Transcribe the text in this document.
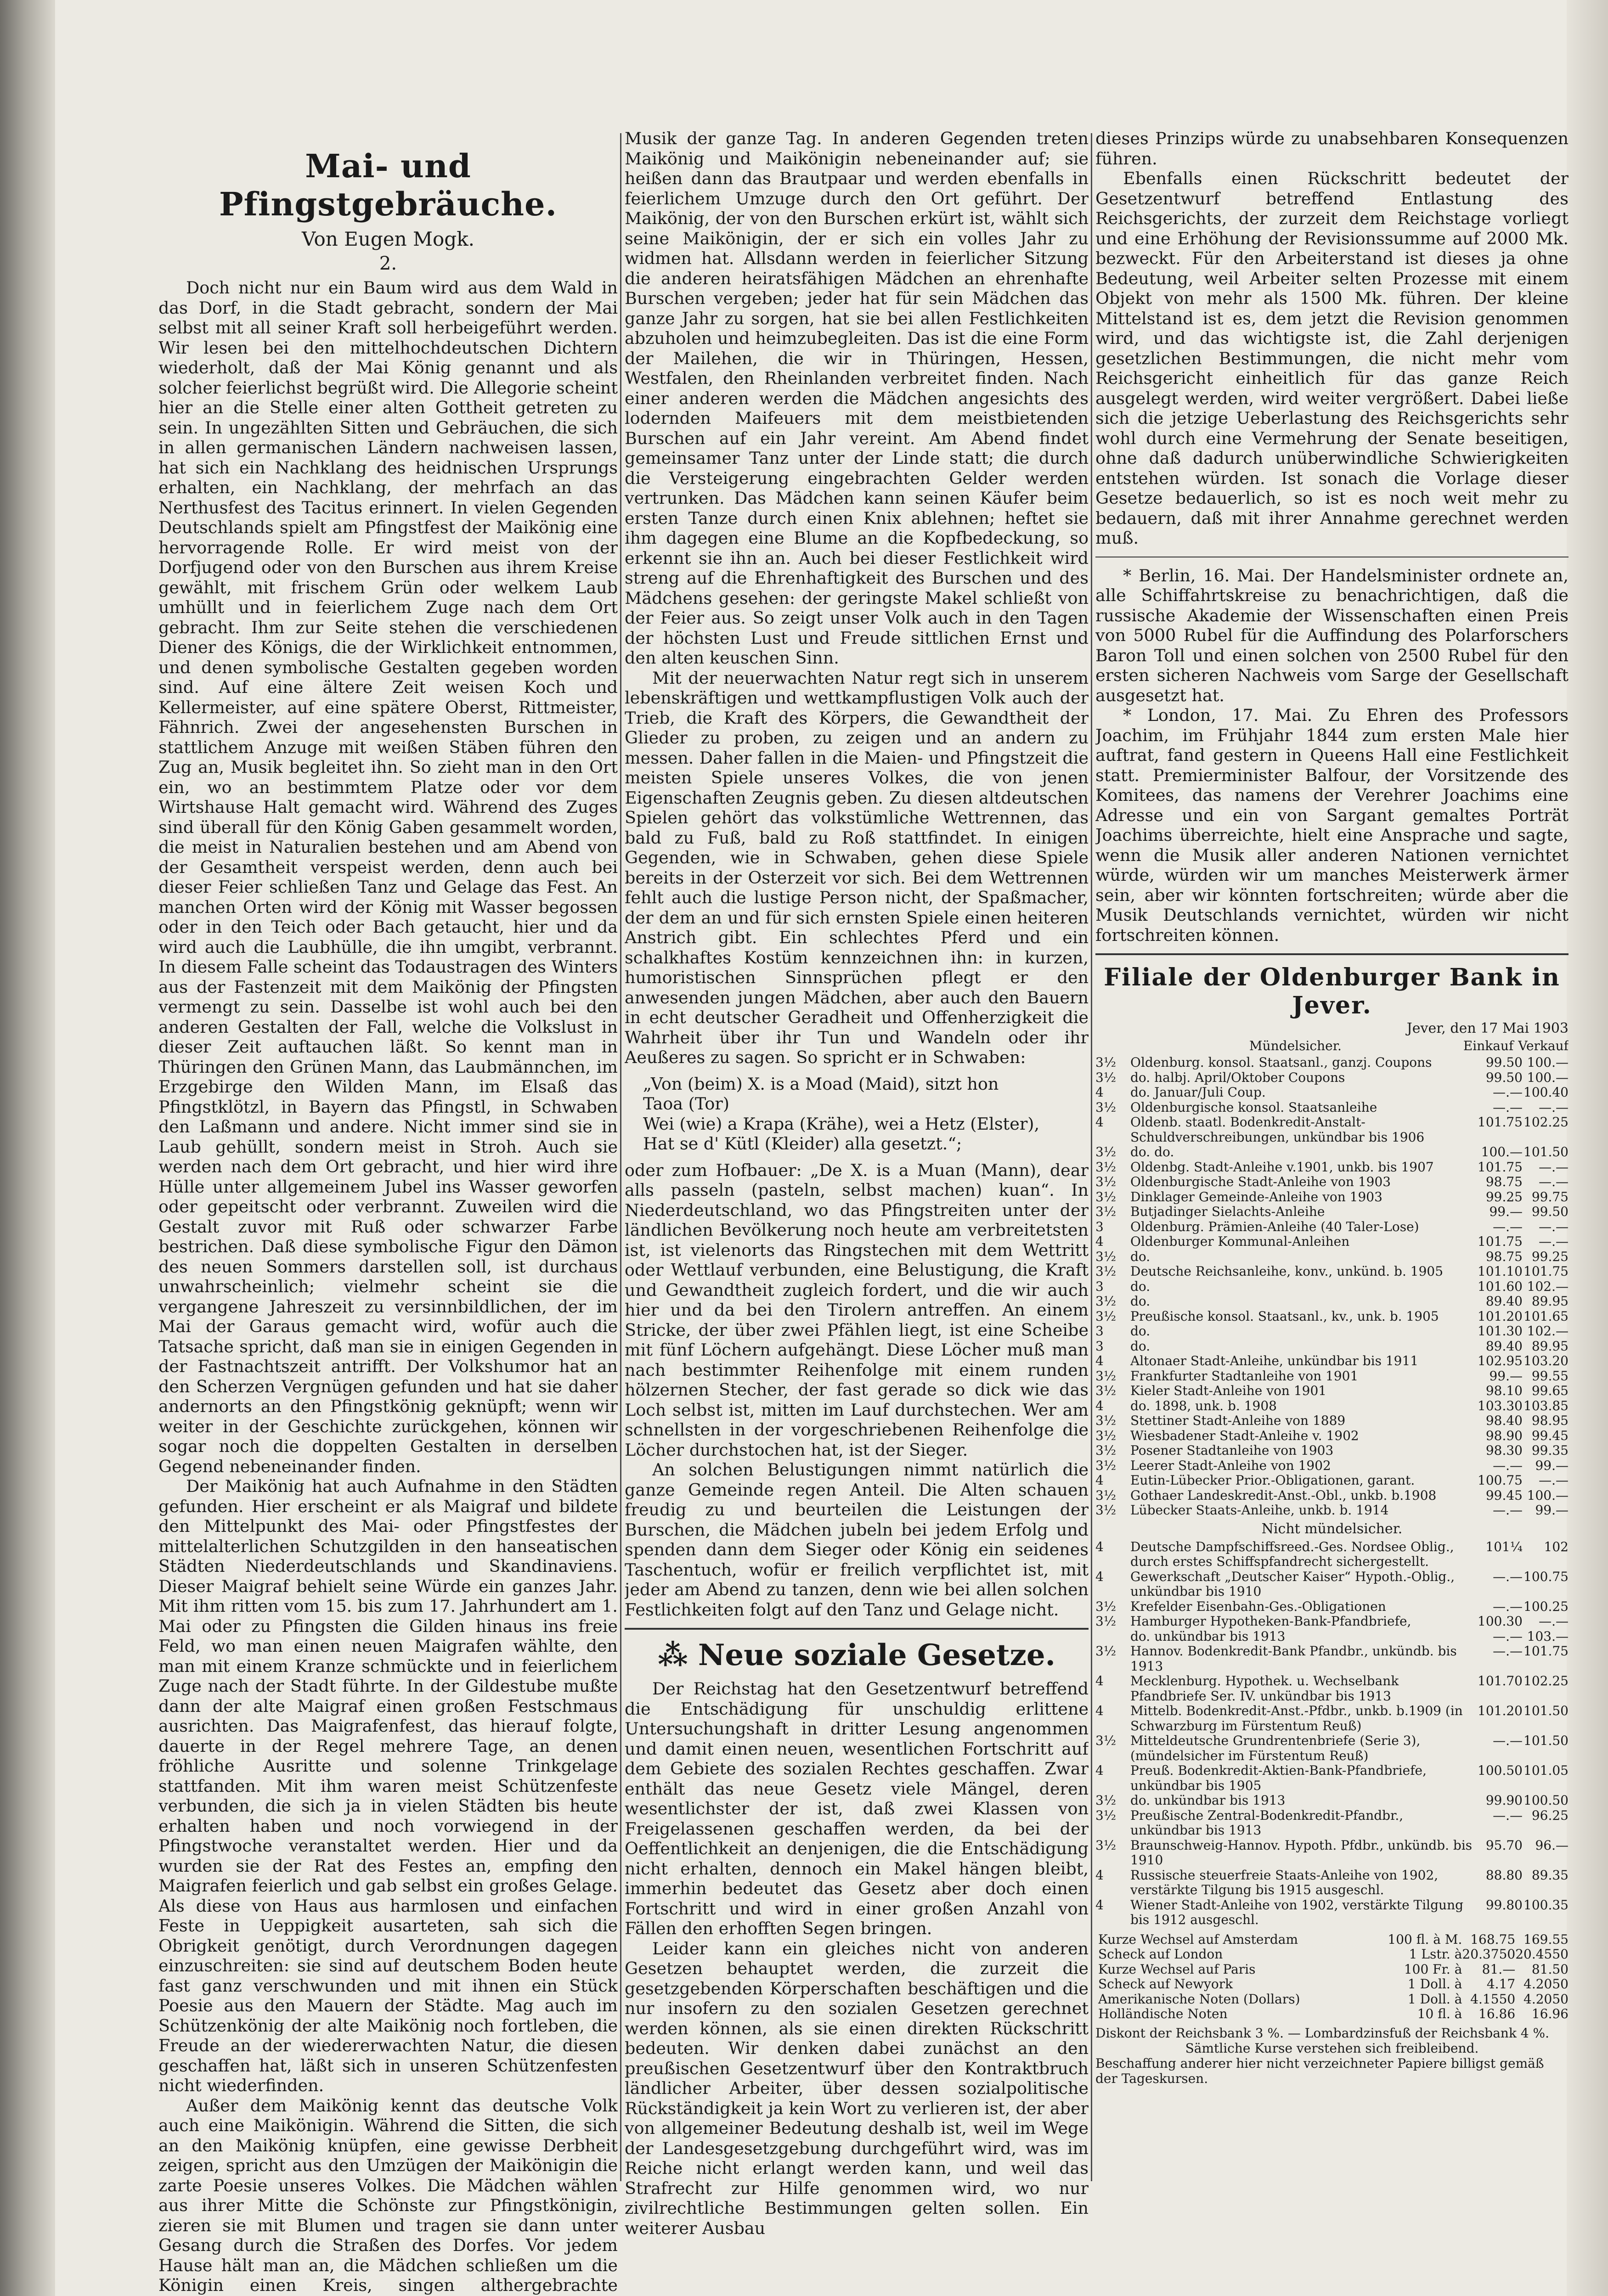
Mai- und Pfingstgebräuche.
Von Eugen Mogk.
2.

Doch nicht nur ein Baum wird aus dem Wald in das Dorf, in die Stadt gebracht, sondern der Mai selbst mit all seiner Kraft soll herbeigeführt werden. Wir lesen bei den mittelhochdeutschen Dichtern wiederholt, daß der Mai König genannt und als solcher feierlichst begrüßt wird. Die Allegorie scheint hier an die Stelle einer alten Gottheit getreten zu sein. In ungezählten Sitten und Gebräuchen, die sich in allen germanischen Ländern nachweisen lassen, hat sich ein Nachklang des heidnischen Ursprungs erhalten, ein Nachklang, der mehrfach an das Nerthusfest des Tacitus erinnert. In vielen Gegenden Deutschlands spielt am Pfingstfest der Maikönig eine hervorragende Rolle. Er wird meist von der Dorfjugend oder von den Burschen aus ihrem Kreise gewählt, mit frischem Grün oder welkem Laub umhüllt und in feierlichem Zuge nach dem Ort gebracht. Ihm zur Seite stehen die verschiedenen Diener des Königs, die der Wirklichkeit entnommen, und denen symbolische Gestalten gegeben worden sind. Auf eine ältere Zeit weisen Koch und Kellermeister, auf eine spätere Oberst, Rittmeister, Fähnrich. Zwei der angesehensten Burschen in stattlichem Anzuge mit weißen Stäben führen den Zug an, Musik begleitet ihn. So zieht man in den Ort ein, wo an bestimmtem Platze oder vor dem Wirtshause Halt gemacht wird. Während des Zuges sind überall für den König Gaben gesammelt worden, die meist in Naturalien bestehen und am Abend von der Gesamtheit verspeist werden, denn auch bei dieser Feier schließen Tanz und Gelage das Fest. An manchen Orten wird der König mit Wasser begossen oder in den Teich oder Bach getaucht, hier und da wird auch die Laubhülle, die ihn umgibt, verbrannt. In diesem Falle scheint das Todaustragen des Winters aus der Fastenzeit mit dem Maikönig der Pfingsten vermengt zu sein. Dasselbe ist wohl auch bei den anderen Gestalten der Fall, welche die Volkslust in dieser Zeit auftauchen läßt. So kennt man in Thüringen den Grünen Mann, das Laubmännchen, im Erzgebirge den Wilden Mann, im Elsaß das Pfingstklötzl, in Bayern das Pfingstl, in Schwaben den Laßmann und andere. Nicht immer sind sie in Laub gehüllt, sondern meist in Stroh. Auch sie werden nach dem Ort gebracht, und hier wird ihre Hülle unter allgemeinem Jubel ins Wasser geworfen oder gepeitscht oder verbrannt. Zuweilen wird die Gestalt zuvor mit Ruß oder schwarzer Farbe bestrichen. Daß diese symbolische Figur den Dämon des neuen Sommers darstellen soll, ist durchaus unwahrscheinlich; vielmehr scheint sie die vergangene Jahreszeit zu versinnbildlichen, der im Mai der Garaus gemacht wird, wofür auch die Tatsache spricht, daß man sie in einigen Gegenden in der Fastnachtszeit antrifft. Der Volkshumor hat an den Scherzen Vergnügen gefunden und hat sie daher andernorts an den Pfingstkönig geknüpft; wenn wir weiter in der Geschichte zurückgehen, können wir sogar noch die doppelten Gestalten in derselben Gegend nebeneinander finden.

Der Maikönig hat auch Aufnahme in den Städten gefunden. Hier erscheint er als Maigraf und bildete den Mittelpunkt des Mai- oder Pfingstfestes der mittelalterlichen Schutzgilden in den hanseatischen Städten Niederdeutschlands und Skandinaviens. Dieser Maigraf behielt seine Würde ein ganzes Jahr. Mit ihm ritten vom 15. bis zum 17. Jahrhundert am 1. Mai oder zu Pfingsten die Gilden hinaus ins freie Feld, wo man einen neuen Maigrafen wählte, den man mit einem Kranze schmückte und in feierlichem Zuge nach der Stadt führte. In der Gildestube mußte dann der alte Maigraf einen großen Festschmaus ausrichten. Das Maigrafenfest, das hierauf folgte, dauerte in der Regel mehrere Tage, an denen fröhliche Ausritte und solenne Trinkgelage stattfanden. Mit ihm waren meist Schützenfeste verbunden, die sich ja in vielen Städten bis heute erhalten haben und noch vorwiegend in der Pfingstwoche veranstaltet werden. Hier und da wurden sie der Rat des Festes an, empfing den Maigrafen feierlich und gab selbst ein großes Gelage. Als diese von Haus aus harmlosen und einfachen Feste in Ueppigkeit ausarteten, sah sich die Obrigkeit genötigt, durch Verordnungen dagegen einzuschreiten: sie sind auf deutschem Boden heute fast ganz verschwunden und mit ihnen ein Stück Poesie aus den Mauern der Städte. Mag auch im Schützenkönig der alte Maikönig noch fortleben, die Freude an der wiedererwachten Natur, die diesen geschaffen hat, läßt sich in unseren Schützenfesten nicht wiederfinden.

Außer dem Maikönig kennt das deutsche Volk auch eine Maikönigin. Während die Sitten, die sich an den Maikönig knüpfen, eine gewisse Derbheit zeigen, spricht aus den Umzügen der Maikönigin die zarte Poesie unseres Volkes. Die Mädchen wählen aus ihrer Mitte die Schönste zur Pfingstkönigin, zieren sie mit Blumen und tragen sie dann unter Gesang durch die Straßen des Dorfes. Vor jedem Hause hält man an, die Mädchen schließen um die Königin einen Kreis, singen althergebrachte

Musik der ganze Tag. In anderen Gegenden treten Maikönig und Maikönigin nebeneinander auf; sie heißen dann das Brautpaar und werden ebenfalls in feierlichem Umzuge durch den Ort geführt. Der Maikönig, der von den Burschen erkürt ist, wählt sich seine Maikönigin, der er sich ein volles Jahr zu widmen hat. Allsdann werden in feierlicher Sitzung die anderen heiratsfähigen Mädchen an ehrenhafte Burschen vergeben; jeder hat für sein Mädchen das ganze Jahr zu sorgen, hat sie bei allen Festlichkeiten abzuholen und heimzubegleiten. Das ist die eine Form der Mailehen, die wir in Thüringen, Hessen, Westfalen, den Rheinlanden verbreitet finden. Nach einer anderen werden die Mädchen angesichts des lodernden Maifeuers mit dem meistbietenden Burschen auf ein Jahr vereint. Am Abend findet gemeinsamer Tanz unter der Linde statt; die durch die Versteigerung eingebrachten Gelder werden vertrunken. Das Mädchen kann seinen Käufer beim ersten Tanze durch einen Knix ablehnen; heftet sie ihm dagegen eine Blume an die Kopfbedeckung, so erkennt sie ihn an. Auch bei dieser Festlichkeit wird streng auf die Ehrenhaftigkeit des Burschen und des Mädchens gesehen: der geringste Makel schließt von der Feier aus. So zeigt unser Volk auch in den Tagen der höchsten Lust und Freude sittlichen Ernst und den alten keuschen Sinn.

Mit der neuerwachten Natur regt sich in unserem lebenskräftigen und wettkampflustigen Volk auch der Trieb, die Kraft des Körpers, die Gewandtheit der Glieder zu proben, zu zeigen und an andern zu messen. Daher fallen in die Maien- und Pfingstzeit die meisten Spiele unseres Volkes, die von jenen Eigenschaften Zeugnis geben. Zu diesen altdeutschen Spielen gehört das volkstümliche Wettrennen, das bald zu Fuß, bald zu Roß stattfindet. In einigen Gegenden, wie in Schwaben, gehen diese Spiele bereits in der Osterzeit vor sich. Bei dem Wettrennen fehlt auch die lustige Person nicht, der Spaßmacher, der dem an und für sich ernsten Spiele einen heiteren Anstrich gibt. Ein schlechtes Pferd und ein schalkhaftes Kostüm kennzeichnen ihn: in kurzen, humoristischen Sinnsprüchen pflegt er den anwesenden jungen Mädchen, aber auch den Bauern in echt deutscher Geradheit und Offenherzigkeit die Wahrheit über ihr Tun und Wandeln oder ihr Aeußeres zu sagen. So spricht er in Schwaben:

„Von (beim) X. is a Moad (Maid), sitzt hon
Taoa (Tor)
Wei (wie) a Krapa (Krähe), wei a Hetz (Elster),
Hat se d' Kütl (Kleider) alla gesetzt.“;

oder zum Hofbauer: „De X. is a Muan (Mann), dear alls passeln (pasteln, selbst machen) kuan“. In Niederdeutschland, wo das Pfingstreiten unter der ländlichen Bevölkerung noch heute am verbreitetsten ist, ist vielenorts das Ringstechen mit dem Wettritt oder Wettlauf verbunden, eine Belustigung, die Kraft und Gewandtheit zugleich fordert, und die wir auch hier und da bei den Tirolern antreffen. An einem Stricke, der über zwei Pfählen liegt, ist eine Scheibe mit fünf Löchern aufgehängt. Diese Löcher muß man nach bestimmter Reihenfolge mit einem runden hölzernen Stecher, der fast gerade so dick wie das Loch selbst ist, mitten im Lauf durchstechen. Wer am schnellsten in der vorgeschriebenen Reihenfolge die Löcher durchstochen hat, ist der Sieger.

An solchen Belustigungen nimmt natürlich die ganze Gemeinde regen Anteil. Die Alten schauen freudig zu und beurteilen die Leistungen der Burschen, die Mädchen jubeln bei jedem Erfolg und spenden dann dem Sieger oder König ein seidenes Taschentuch, wofür er freilich verpflichtet ist, mit jeder am Abend zu tanzen, denn wie bei allen solchen Festlichkeiten folgt auf den Tanz und Gelage nicht.

⁂ Neue soziale Gesetze.

Der Reichstag hat den Gesetzentwurf betreffend die Entschädigung für unschuldig erlittene Untersuchungshaft in dritter Lesung angenommen und damit einen neuen, wesentlichen Fortschritt auf dem Gebiete des sozialen Rechtes geschaffen. Zwar enthält das neue Gesetz viele Mängel, deren wesentlichster der ist, daß zwei Klassen von Freigelassenen geschaffen werden, da bei der Oeffentlichkeit an denjenigen, die die Entschädigung nicht erhalten, dennoch ein Makel hängen bleibt, immerhin bedeutet das Gesetz aber doch einen Fortschritt und wird in einer großen Anzahl von Fällen den erhofften Segen bringen.

Leider kann ein gleiches nicht von anderen Gesetzen behauptet werden, die zurzeit die gesetzgebenden Körperschaften beschäftigen und die nur insofern zu den sozialen Gesetzen gerechnet werden können, als sie einen direkten Rückschritt bedeuten. Wir denken dabei zunächst an den preußischen Gesetzentwurf über den Kontraktbruch ländlicher Arbeiter, über dessen sozialpolitische Rückständigkeit ja kein Wort zu verlieren ist, der aber von allgemeiner Bedeutung deshalb ist, weil im Wege der Landesgesetzgebung durchgeführt wird, was im Reiche nicht erlangt werden kann, und weil das Strafrecht zur Hilfe genommen wird, wo nur zivilrechtliche Bestimmungen gelten sollen. Ein weiterer Ausbau

dieses Prinzips würde zu unabsehbaren Konsequenzen führen.

Ebenfalls einen Rückschritt bedeutet der Gesetzentwurf betreffend Entlastung des Reichsgerichts, der zurzeit dem Reichstage vorliegt und eine Erhöhung der Revisionssumme auf 2000 Mk. bezweckt. Für den Arbeiterstand ist dieses ja ohne Bedeutung, weil Arbeiter selten Prozesse mit einem Objekt von mehr als 1500 Mk. führen. Der kleine Mittelstand ist es, dem jetzt die Revision genommen wird, und das wichtigste ist, die Zahl derjenigen gesetzlichen Bestimmungen, die nicht mehr vom Reichsgericht einheitlich für das ganze Reich ausgelegt werden, wird weiter vergrößert. Dabei ließe sich die jetzige Ueberlastung des Reichsgerichts sehr wohl durch eine Vermehrung der Senate beseitigen, ohne daß dadurch unüberwindliche Schwierigkeiten entstehen würden. Ist sonach die Vorlage dieser Gesetze bedauerlich, so ist es noch weit mehr zu bedauern, daß mit ihrer Annahme gerechnet werden muß.

* Berlin, 16. Mai. Der Handelsminister ordnete an, alle Schiffahrtskreise zu benachrichtigen, daß die russische Akademie der Wissenschaften einen Preis von 5000 Rubel für die Auffindung des Polarforschers Baron Toll und einen solchen von 2500 Rubel für den ersten sicheren Nachweis vom Sarge der Gesellschaft ausgesetzt hat.

* London, 17. Mai. Zu Ehren des Professors Joachim, im Frühjahr 1844 zum ersten Male hier auftrat, fand gestern in Queens Hall eine Festlichkeit statt. Premierminister Balfour, der Vorsitzende des Komitees, das namens der Verehrer Joachims eine Adresse und ein von Sargant gemaltes Porträt Joachims überreichte, hielt eine Ansprache und sagte, wenn die Musik aller anderen Nationen vernichtet würde, würden wir um manches Meisterwerk ärmer sein, aber wir könnten fortschreiten; würde aber die Musik Deutschlands vernichtet, würden wir nicht fortschreiten können.

Filiale der Oldenburger Bank in Jever.
Jever, den 17 Mai 1903
Mündelsicher.	Einkauf Verkauf
3½	Oldenburg. konsol. Staatsanl., ganzj. Coupons	99.50	100.—
3½	do. halbj. April/Oktober Coupons	99.50	100.—
4	do. Januar/Juli Coup.	—.—	100.40
3½	Oldenburgische konsol. Staatsanleihe	—.—	—.—
4	Oldenb. staatl. Bodenkredit-Anstalt-Schuldverschreibungen, unkündbar bis 1906	101.75	102.25
3½	do. do.	100.—	101.50
3½	Oldenbg. Stadt-Anleihe v.1901, unkb. bis 1907	101.75	—.—
3½	Oldenburgische Stadt-Anleihe von 1903	98.75	—.—
3½	Dinklager Gemeinde-Anleihe von 1903	99.25	99.75
3½	Butjadinger Sielachts-Anleihe	99.—	99.50
3	Oldenburg. Prämien-Anleihe (40 Taler-Lose)	—.—	—.—
4	Oldenburger Kommunal-Anleihen	101.75	—.—
3½	do.	98.75	99.25
3½	Deutsche Reichsanleihe, konv., unkünd. b. 1905	101.10	101.75
3	do.	101.60	102.—
3½	do.	89.40	89.95
3½	Preußische konsol. Staatsanl., kv., unk. b. 1905	101.20	101.65
3	do.	101.30	102.—
3	do.	89.40	89.95
4	Altonaer Stadt-Anleihe, unkündbar bis 1911	102.95	103.20
3½	Frankfurter Stadtanleihe von 1901	99.—	99.55
3½	Kieler Stadt-Anleihe von 1901	98.10	99.65
4	do. 1898, unk. b. 1908	103.30	103.85
3½	Stettiner Stadt-Anleihe von 1889	98.40	98.95
3½	Wiesbadener Stadt-Anleihe v. 1902	98.90	99.45
3½	Posener Stadtanleihe von 1903	98.30	99.35
3½	Leerer Stadt-Anleihe von 1902	—.—	99.—
4	Eutin-Lübecker Prior.-Obligationen, garant.	100.75	—.—
3½	Gothaer Landeskredit-Anst.-Obl., unkb. b.1908	99.45	100.—
3½	Lübecker Staats-Anleihe, unkb. b. 1914	—.—	99.—
Nicht mündelsicher.
4	Deutsche Dampfschiffsreed.-Ges. Nordsee Oblig., durch erstes Schiffspfandrecht sichergestellt.	101¼	102
4	Gewerkschaft „Deutscher Kaiser“ Hypoth.-Oblig., unkündbar bis 1910	—.—	100.75
3½	Krefelder Eisenbahn-Ges.-Obligationen	—.—	100.25
3½	Hamburger Hypotheken-Bank-Pfandbriefe,	100.30	—.—
	do. unkündbar bis 1913	—.—	103.—
3½	Hannov. Bodenkredit-Bank Pfandbr., unkündb. bis 1913	—.—	101.75
4	Mecklenburg. Hypothek. u. Wechselbank Pfandbriefe Ser. IV. unkündbar bis 1913	101.70	102.25
4	Mittelb. Bodenkredit-Anst.-Pfdbr., unkb. b.1909 (in Schwarzburg im Fürstentum Reuß)	101.20	101.50
3½	Mitteldeutsche Grundrentenbriefe (Serie 3), (mündelsicher im Fürstentum Reuß)	—.—	101.50
4	Preuß. Bodenkredit-Aktien-Bank-Pfandbriefe, unkündbar bis 1905	100.50	101.05
3½	do. unkündbar bis 1913	99.90	100.50
3½	Preußische Zentral-Bodenkredit-Pfandbr., unkündbar bis 1913	—.—	96.25
3½	Braunschweig-Hannov. Hypoth. Pfdbr., unkündb. bis 1910	95.70	96.—
4	Russische steuerfreie Staats-Anleihe von 1902, verstärkte Tilgung bis 1915 ausgeschl.	88.80	89.35
4	Wiener Stadt-Anleihe von 1902, verstärkte Tilgung bis 1912 ausgeschl.	99.80	100.35
Kurze Wechsel auf Amsterdam	100 fl. à M.	168.75	169.55
Scheck auf London	1 Lstr. à	20.3750	20.4550
Kurze Wechsel auf Paris	100 Fr. à	81.—	81.50
Scheck auf Newyork	1 Doll. à	4.17	4.2050
Amerikanische Noten (Dollars)	1 Doll. à	4.1550	4.2050
Holländische Noten	10 fl. à	16.86	16.96
Diskont der Reichsbank 3 %. — Lombardzinsfuß der Reichsbank 4 %.
Sämtliche Kurse verstehen sich freibleibend.
Beschaffung anderer hier nicht verzeichneter Papiere billigst gemäß der Tageskursen.
